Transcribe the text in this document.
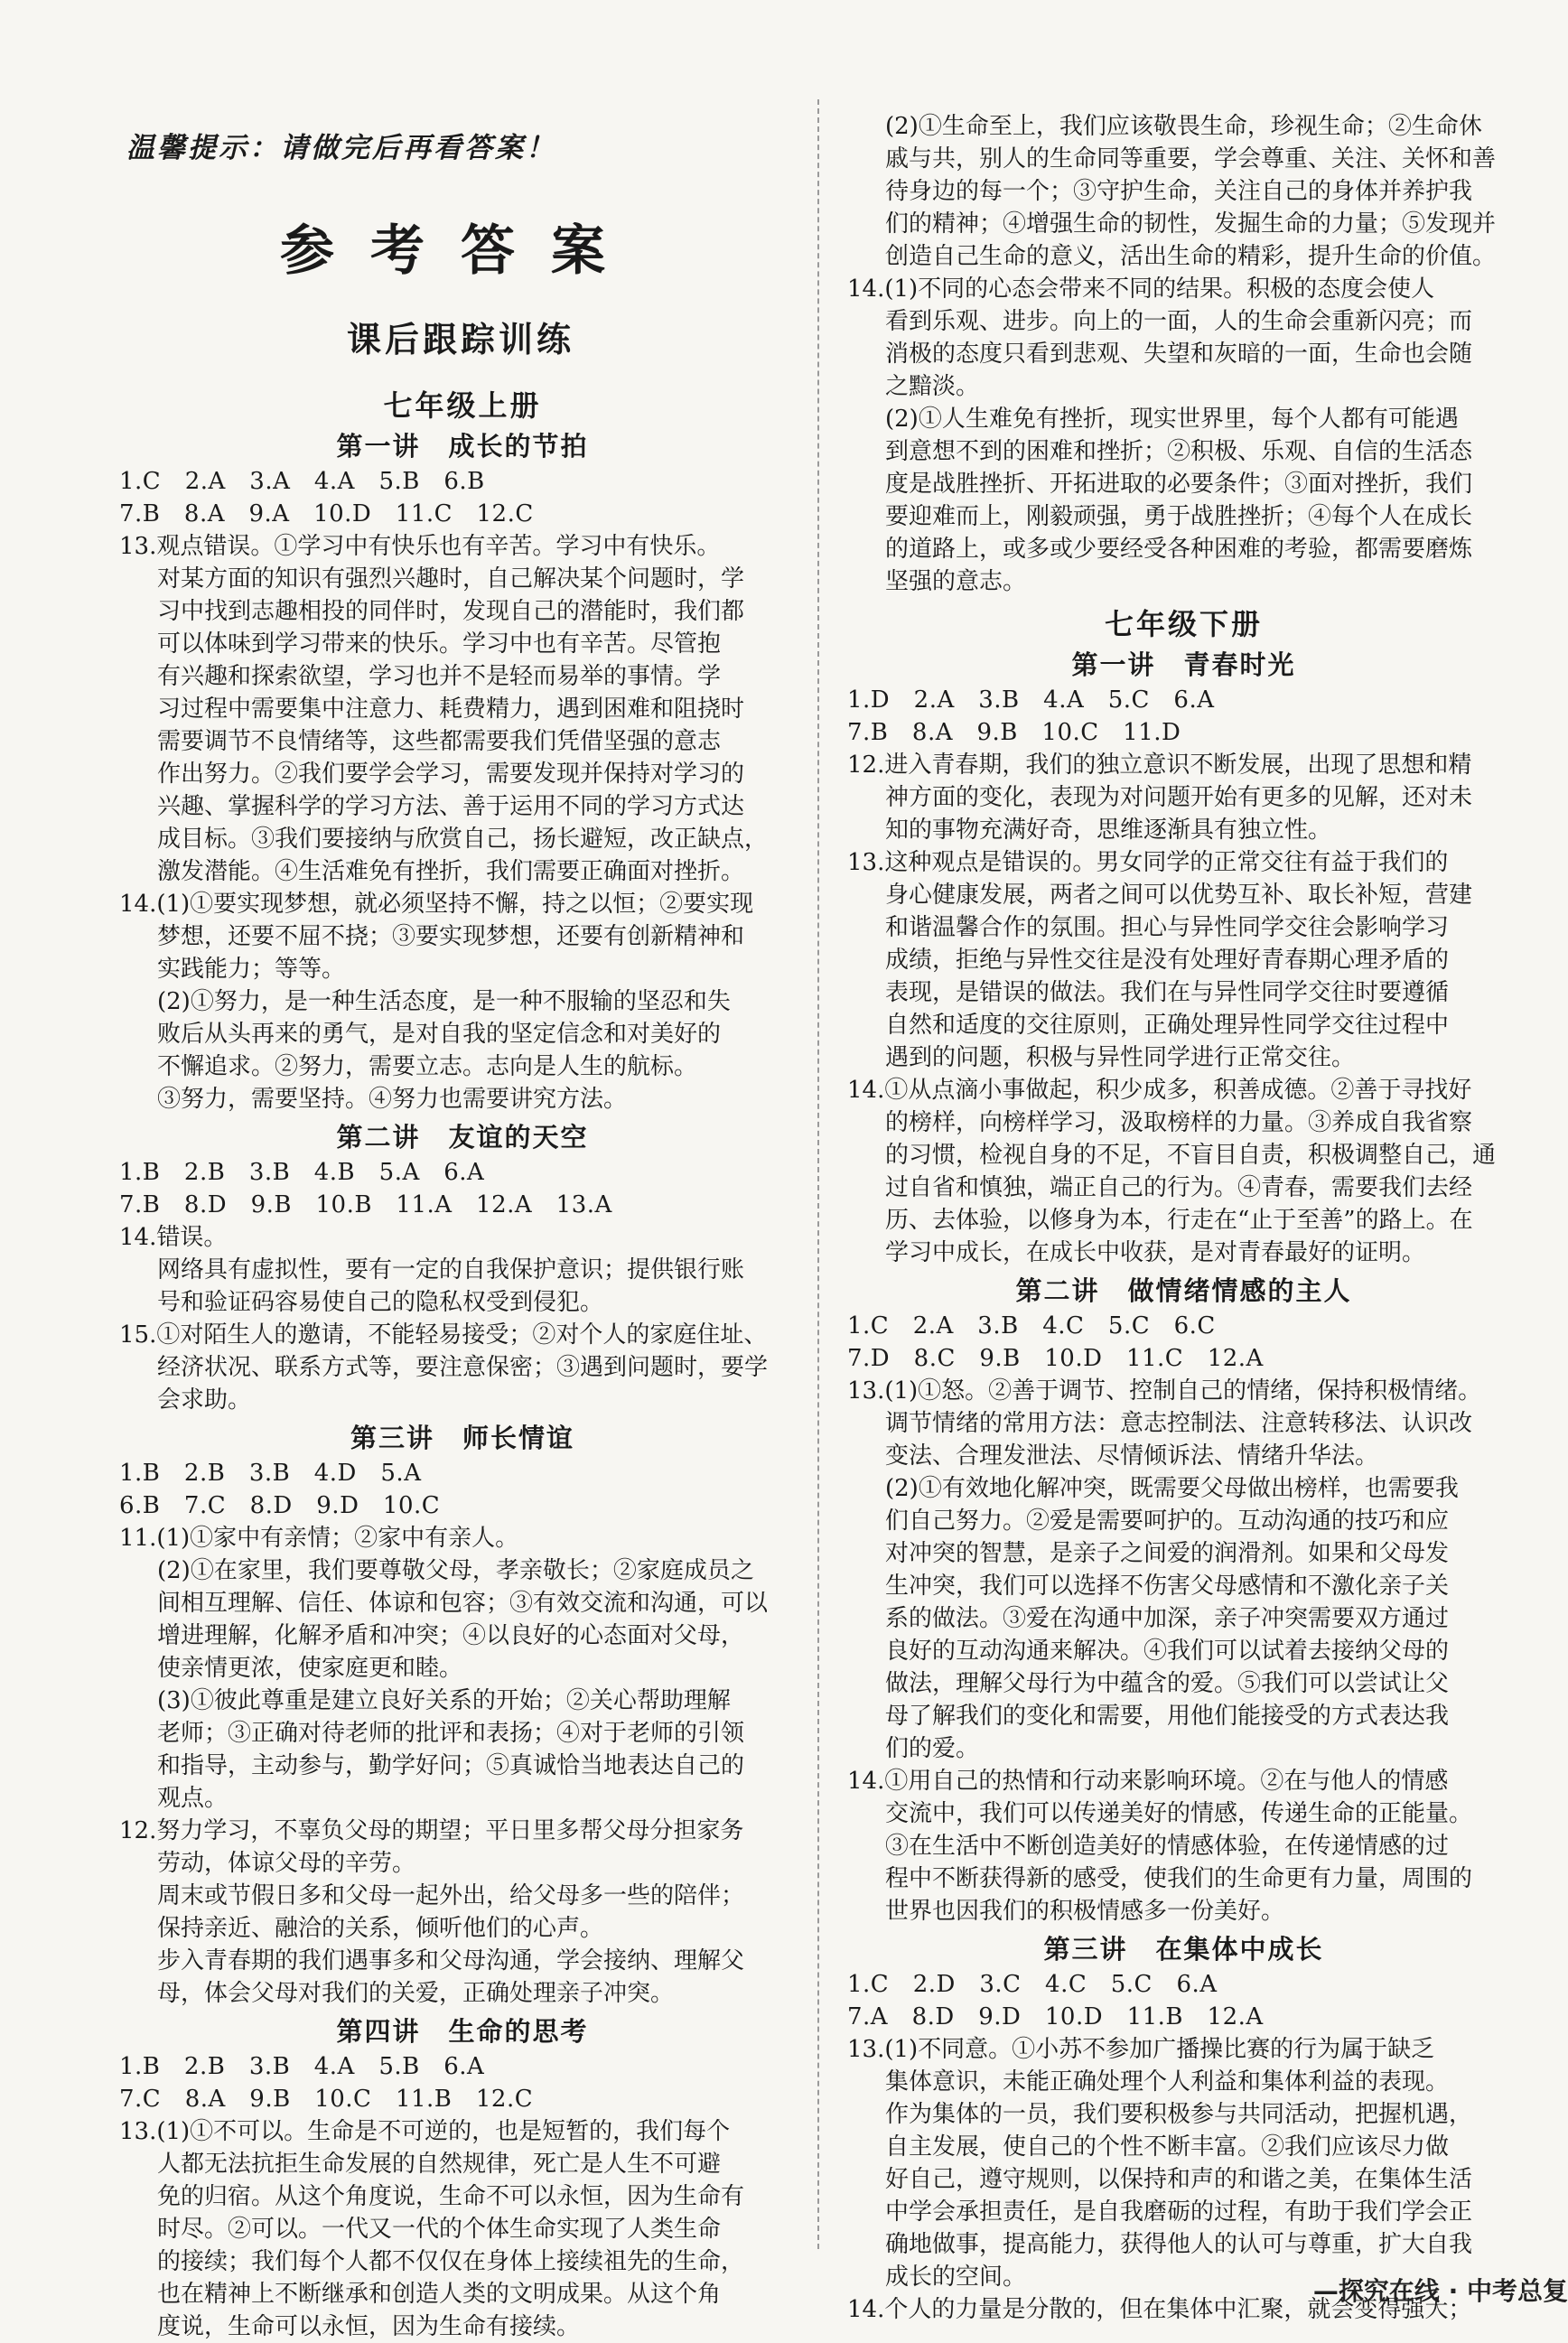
温馨提示：请做完后再看答案！
参考答案
课后跟踪训练
七年级上册
第一讲　成长的节拍
1.C　2.A　3.A　4.A　5.B　6.B
7.B　8.A　9.A　10.D　11.C　12.C
13.观点错误。①学习中有快乐也有辛苦。学习中有快乐。
对某方面的知识有强烈兴趣时，自己解决某个问题时，学
习中找到志趣相投的同伴时，发现自己的潜能时，我们都
可以体味到学习带来的快乐。学习中也有辛苦。尽管抱
有兴趣和探索欲望，学习也并不是轻而易举的事情。学
习过程中需要集中注意力、耗费精力，遇到困难和阻挠时
需要调节不良情绪等，这些都需要我们凭借坚强的意志
作出努力。②我们要学会学习，需要发现并保持对学习的
兴趣、掌握科学的学习方法、善于运用不同的学习方式达
成目标。③我们要接纳与欣赏自己，扬长避短，改正缺点，
激发潜能。④生活难免有挫折，我们需要正确面对挫折。
14.(1)①要实现梦想，就必须坚持不懈，持之以恒；②要实现
梦想，还要不屈不挠；③要实现梦想，还要有创新精神和
实践能力；等等。
(2)①努力，是一种生活态度，是一种不服输的坚忍和失
败后从头再来的勇气，是对自我的坚定信念和对美好的
不懈追求。②努力，需要立志。志向是人生的航标。
③努力，需要坚持。④努力也需要讲究方法。
第二讲　友谊的天空
1.B　2.B　3.B　4.B　5.A　6.A
7.B　8.D　9.B　10.B　11.A　12.A　13.A
14.错误。
网络具有虚拟性，要有一定的自我保护意识；提供银行账
号和验证码容易使自己的隐私权受到侵犯。
15.①对陌生人的邀请，不能轻易接受；②对个人的家庭住址、
经济状况、联系方式等，要注意保密；③遇到问题时，要学
会求助。
第三讲　师长情谊
1.B　2.B　3.B　4.D　5.A
6.B　7.C　8.D　9.D　10.C
11.(1)①家中有亲情；②家中有亲人。
(2)①在家里，我们要尊敬父母，孝亲敬长；②家庭成员之
间相互理解、信任、体谅和包容；③有效交流和沟通，可以
增进理解，化解矛盾和冲突；④以良好的心态面对父母，
使亲情更浓，使家庭更和睦。
(3)①彼此尊重是建立良好关系的开始；②关心帮助理解
老师；③正确对待老师的批评和表扬；④对于老师的引领
和指导，主动参与，勤学好问；⑤真诚恰当地表达自己的
观点。
12.努力学习，不辜负父母的期望；平日里多帮父母分担家务
劳动，体谅父母的辛劳。
周末或节假日多和父母一起外出，给父母多一些的陪伴；
保持亲近、融洽的关系，倾听他们的心声。
步入青春期的我们遇事多和父母沟通，学会接纳、理解父
母，体会父母对我们的关爱，正确处理亲子冲突。
第四讲　生命的思考
1.B　2.B　3.B　4.A　5.B　6.A
7.C　8.A　9.B　10.C　11.B　12.C
13.(1)①不可以。生命是不可逆的，也是短暂的，我们每个
人都无法抗拒生命发展的自然规律，死亡是人生不可避
免的归宿。从这个角度说，生命不可以永恒，因为生命有
时尽。②可以。一代又一代的个体生命实现了人类生命
的接续；我们每个人都不仅仅在身体上接续祖先的生命，
也在精神上不断继承和创造人类的文明成果。从这个角
度说，生命可以永恒，因为生命有接续。
(2)①生命至上，我们应该敬畏生命，珍视生命；②生命休
戚与共，别人的生命同等重要，学会尊重、关注、关怀和善
待身边的每一个；③守护生命，关注自己的身体并养护我
们的精神；④增强生命的韧性，发掘生命的力量；⑤发现并
创造自己生命的意义，活出生命的精彩，提升生命的价值。
14.(1)不同的心态会带来不同的结果。积极的态度会使人
看到乐观、进步。向上的一面，人的生命会重新闪亮；而
消极的态度只看到悲观、失望和灰暗的一面，生命也会随
之黯淡。
(2)①人生难免有挫折，现实世界里，每个人都有可能遇
到意想不到的困难和挫折；②积极、乐观、自信的生活态
度是战胜挫折、开拓进取的必要条件；③面对挫折，我们
要迎难而上，刚毅顽强，勇于战胜挫折；④每个人在成长
的道路上，或多或少要经受各种困难的考验，都需要磨炼
坚强的意志。
七年级下册
第一讲　青春时光
1.D　2.A　3.B　4.A　5.C　6.A
7.B　8.A　9.B　10.C　11.D
12.进入青春期，我们的独立意识不断发展，出现了思想和精
神方面的变化，表现为对问题开始有更多的见解，还对未
知的事物充满好奇，思维逐渐具有独立性。
13.这种观点是错误的。男女同学的正常交往有益于我们的
身心健康发展，两者之间可以优势互补、取长补短，营建
和谐温馨合作的氛围。担心与异性同学交往会影响学习
成绩，拒绝与异性交往是没有处理好青春期心理矛盾的
表现，是错误的做法。我们在与异性同学交往时要遵循
自然和适度的交往原则，正确处理异性同学交往过程中
遇到的问题，积极与异性同学进行正常交往。
14.①从点滴小事做起，积少成多，积善成德。②善于寻找好
的榜样，向榜样学习，汲取榜样的力量。③养成自我省察
的习惯，检视自身的不足，不盲目自责，积极调整自己，通
过自省和慎独，端正自己的行为。④青春，需要我们去经
历、去体验，以修身为本，行走在“止于至善”的路上。在
学习中成长，在成长中收获，是对青春最好的证明。
第二讲　做情绪情感的主人
1.C　2.A　3.B　4.C　5.C　6.C
7.D　8.C　9.B　10.D　11.C　12.A
13.(1)①怒。②善于调节、控制自己的情绪，保持积极情绪。
调节情绪的常用方法：意志控制法、注意转移法、认识改
变法、合理发泄法、尽情倾诉法、情绪升华法。
(2)①有效地化解冲突，既需要父母做出榜样，也需要我
们自己努力。②爱是需要呵护的。互动沟通的技巧和应
对冲突的智慧，是亲子之间爱的润滑剂。如果和父母发
生冲突，我们可以选择不伤害父母感情和不激化亲子关
系的做法。③爱在沟通中加深，亲子冲突需要双方通过
良好的互动沟通来解决。④我们可以试着去接纳父母的
做法，理解父母行为中蕴含的爱。⑤我们可以尝试让父
母了解我们的变化和需要，用他们能接受的方式表达我
们的爱。
14.①用自己的热情和行动来影响环境。②在与他人的情感
交流中，我们可以传递美好的情感，传递生命的正能量。
③在生活中不断创造美好的情感体验，在传递情感的过
程中不断获得新的感受，使我们的生命更有力量，周围的
世界也因我们的积极情感多一份美好。
第三讲　在集体中成长
1.C　2.D　3.C　4.C　5.C　6.A
7.A　8.D　9.D　10.D　11.B　12.A
13.(1)不同意。①小苏不参加广播操比赛的行为属于缺乏
集体意识，未能正确处理个人利益和集体利益的表现。
作为集体的一员，我们要积极参与共同活动，把握机遇，
自主发展，使自己的个性不断丰富。②我们应该尽力做
好自己，遵守规则，以保持和声的和谐之美，在集体生活
中学会承担责任，是自我磨砺的过程，有助于我们学会正
确地做事，提高能力，获得他人的认可与尊重，扩大自我
成长的空间。
14.个人的力量是分散的，但在集体中汇聚，就会变得强大；
—探究在线 · 中考总复
